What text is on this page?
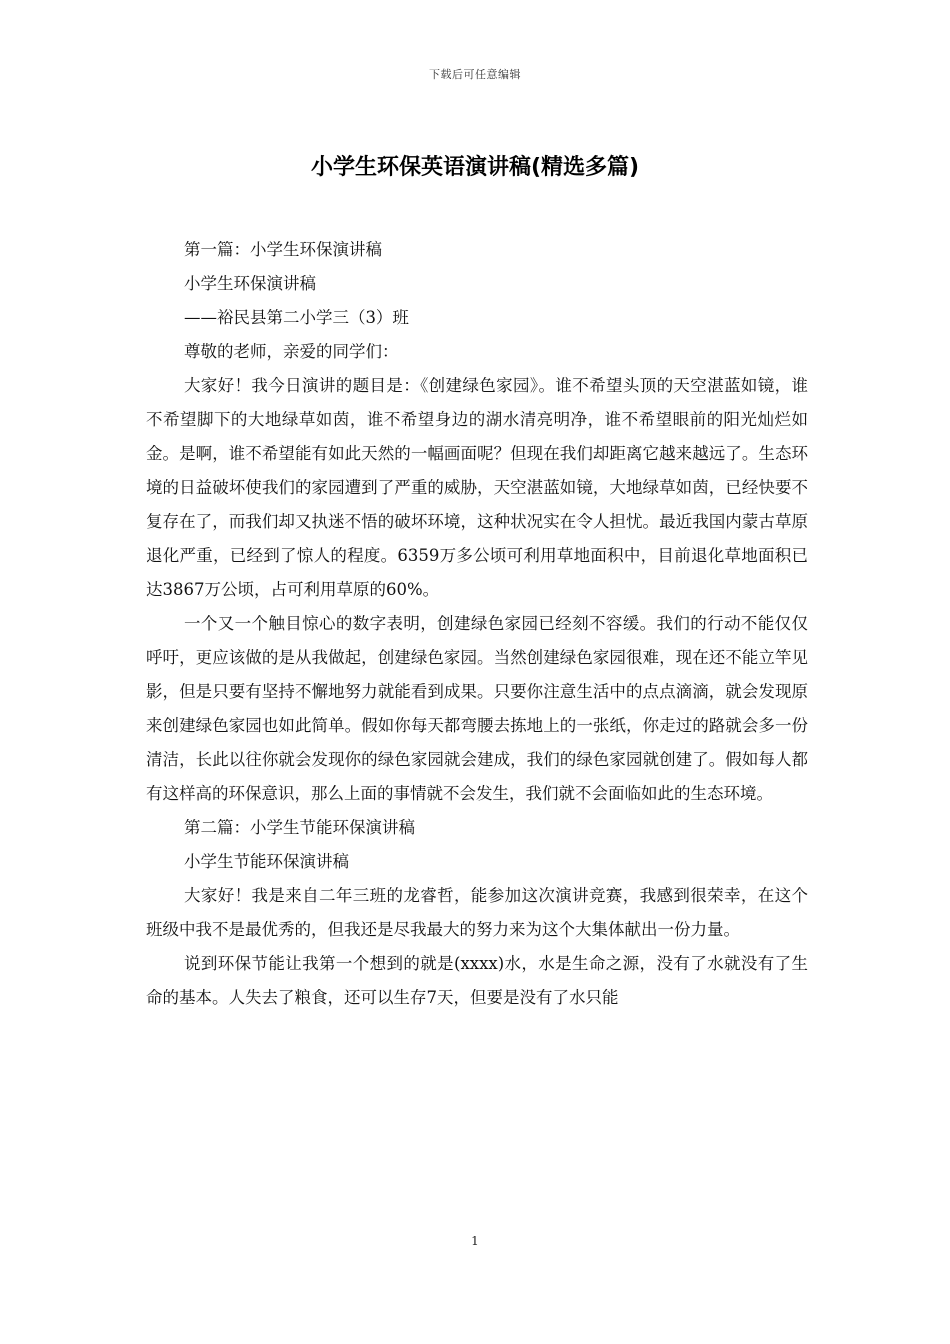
下载后可任意编辑
小学生环保英语演讲稿(精选多篇)

第一篇：小学生环保演讲稿

小学生环保演讲稿

——裕民县第二小学三（3）班

尊敬的老师，亲爱的同学们：

大家好！我今日演讲的题目是：《创建绿色家园》。谁不希望头顶的天空湛蓝如镜，谁不希望脚下的大地绿草如茵，谁不希望身边的湖水清亮明净，谁不希望眼前的阳光灿烂如金。是啊，谁不希望能有如此天然的一幅画面呢？但现在我们却距离它越来越远了。生态环境的日益破坏使我们的家园遭到了严重的威胁，天空湛蓝如镜，大地绿草如茵，已经快要不复存在了，而我们却又执迷不悟的破坏环境，这种状况实在令人担忧。最近我国内蒙古草原退化严重，已经到了惊人的程度。6359万多公顷可利用草地面积中，目前退化草地面积已达3867万公顷，占可利用草原的60%。

一个又一个触目惊心的数字表明，创建绿色家园已经刻不容缓。我们的行动不能仅仅呼吁，更应该做的是从我做起，创建绿色家园。当然创建绿色家园很难，现在还不能立竿见影，但是只要有坚持不懈地努力就能看到成果。只要你注意生活中的点点滴滴，就会发现原来创建绿色家园也如此简单。假如你每天都弯腰去拣地上的一张纸，你走过的路就会多一份清洁，长此以往你就会发现你的绿色家园就会建成，我们的绿色家园就创建了。假如每人都有这样高的环保意识，那么上面的事情就不会发生，我们就不会面临如此的生态环境。

第二篇：小学生节能环保演讲稿

小学生节能环保演讲稿

大家好！我是来自二年三班的龙睿哲，能参加这次演讲竞赛，我感到很荣幸，在这个班级中我不是最优秀的，但我还是尽我最大的努力来为这个大集体献出一份力量。

说到环保节能让我第一个想到的就是(xxxx)水，水是生命之源，没有了水就没有了生命的基本。人失去了粮食，还可以生存7天，但要是没有了水只能

1
